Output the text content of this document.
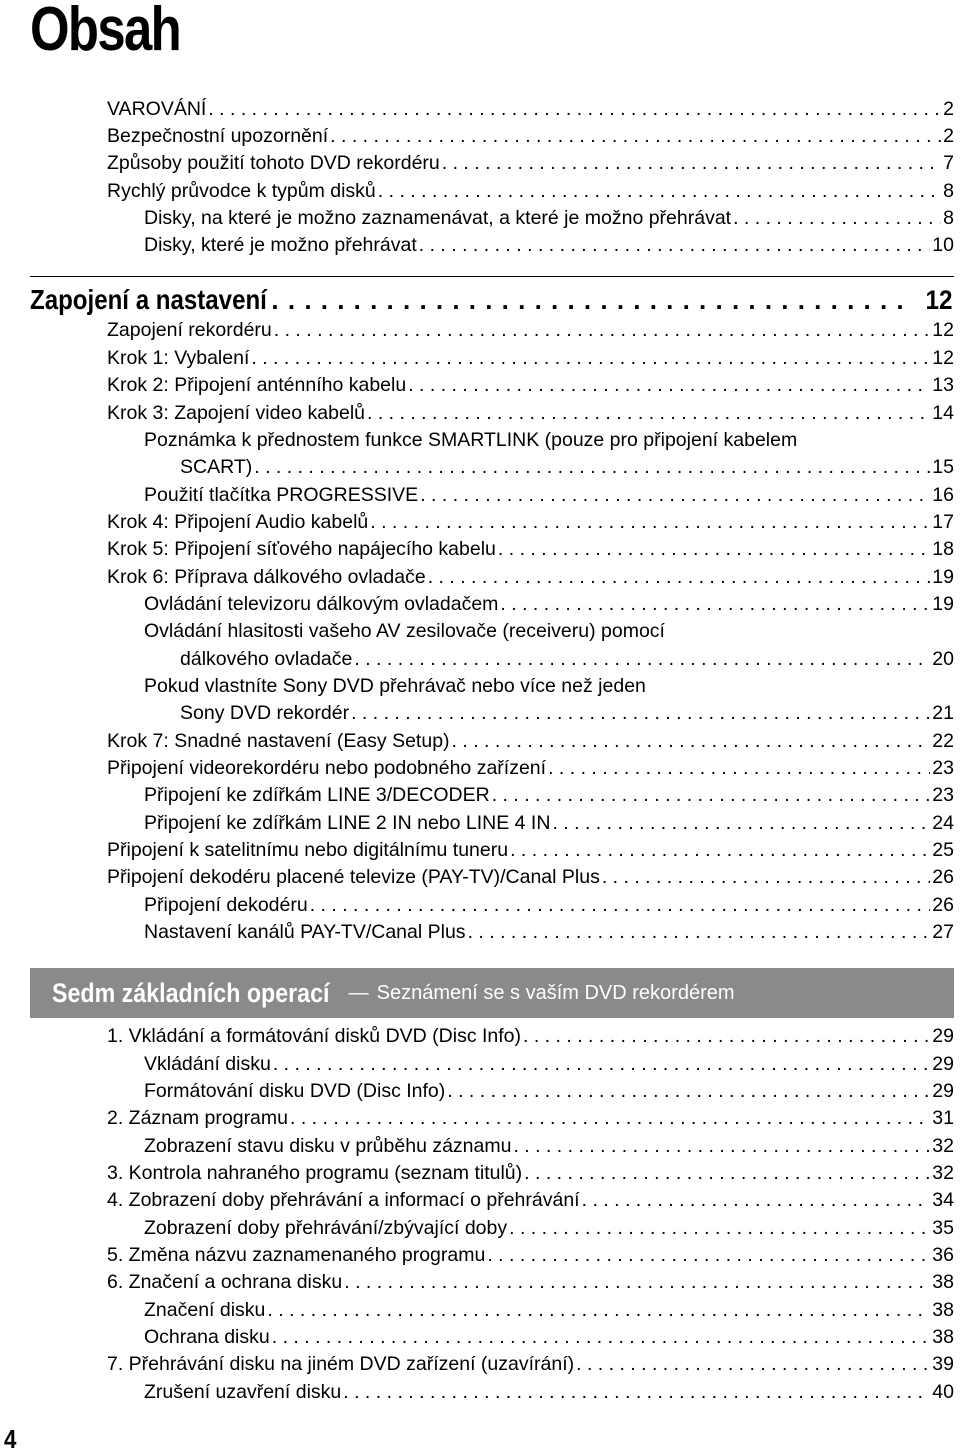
Obsah
VAROVÁNÍ . . .	2
Bezpečnostní upozornění . . .	2
Způsoby použití tohoto DVD rekordéru . . .	7
Rychlý průvodce k typům disků . . .	8
Disky, na které je možno zaznamenávat, a které je možno přehrávat . . .	8
Disky, které je možno přehrávat . . .	10
Zapojení a nastavení . . .	12
Zapojení rekordéru . . .	12
Krok 1: Vybalení . . .	12
Krok 2: Připojení anténního kabelu . . .	13
Krok 3: Zapojení video kabelů . . .	14
Poznámka k přednostem funkce SMARTLINK (pouze pro připojení kabelem
SCART) . . .	15
Použití tlačítka PROGRESSIVE . . .	16
Krok 4: Připojení Audio kabelů . . .	17
Krok 5: Připojení síťového napájecího kabelu . . .	18
Krok 6: Příprava dálkového ovladače . . .	19
Ovládání televizoru dálkovým ovladačem . . .	19
Ovládání hlasitosti vašeho AV zesilovače (receiveru) pomocí
dálkového ovladače . . .	20
Pokud vlastníte Sony DVD přehrávač nebo více než jeden
Sony DVD rekordér . . .	21
Krok 7: Snadné nastavení (Easy Setup) . . .	22
Připojení videorekordéru nebo podobného zařízení . . .	23
Připojení ke zdířkám LINE 3/DECODER . . .	23
Připojení ke zdířkám LINE 2 IN nebo LINE 4 IN . . .	24
Připojení k satelitnímu nebo digitálnímu tuneru . . .	25
Připojení dekodéru placené televize (PAY-TV)/Canal Plus . . .	26
Připojení dekodéru . . .	26
Nastavení kanálů PAY-TV/Canal Plus . . .	27
Sedm základních operací — Seznámení se s vaším DVD rekordérem
1. Vkládání a formátování disků DVD (Disc Info) . . .	29
Vkládání disku . . .	29
Formátování disku DVD (Disc Info) . . .	29
2. Záznam programu . . .	31
Zobrazení stavu disku v průběhu záznamu . . .	32
3. Kontrola nahraného programu (seznam titulů) . . .	32
4. Zobrazení doby přehrávání a informací o přehrávání . . .	34
Zobrazení doby přehrávání/zbývající doby . . .	35
5. Změna názvu zaznamenaného programu . . .	36
6. Značení a ochrana disku . . .	38
Značení disku . . .	38
Ochrana disku . . .	38
7. Přehrávání disku na jiném DVD zařízení (uzavírání) . . .	39
Zrušení uzavření disku . . .	40
4
